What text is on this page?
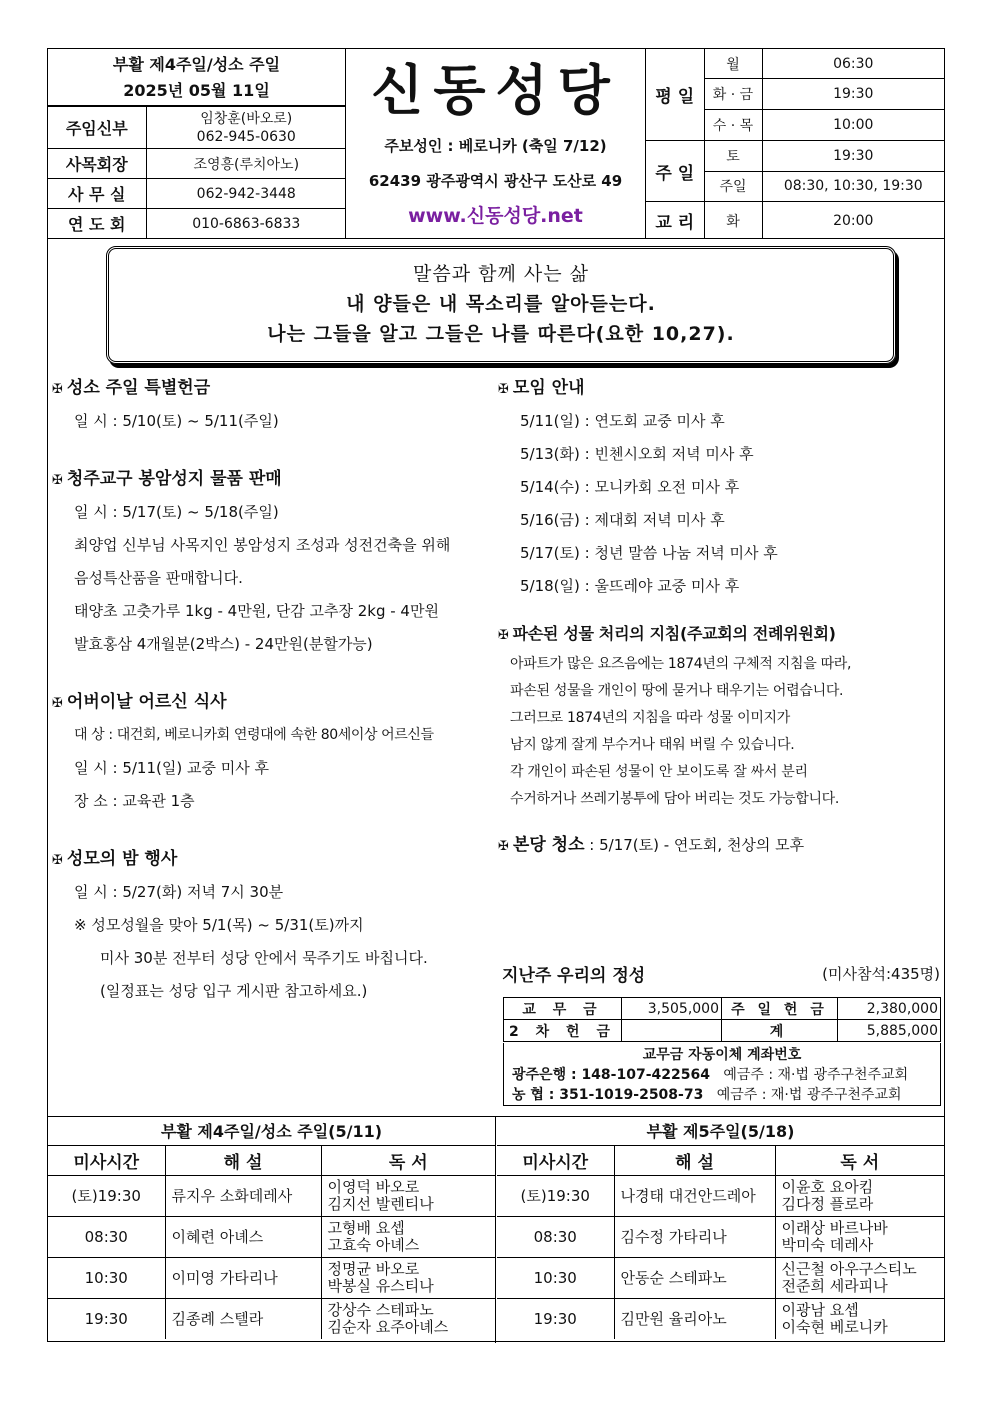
부활 제4주일/성소 주일
2025년 05월 11일
주임신부	임창훈(바오로)
062-945-0630

사목회장	조영흥(루치아노)
사 무 실	062-942-3448
연 도 회	010-6863-6833
신동성당
주보성인 : 베로니카 (축일 7/12)
62439 광주광역시 광산구 도산로 49
www.신동성당.net
평 일	월	06:30
	화 · 금	19:30
	수 · 목	10:00
주 일	토	19:30
	주일	08:30, 10:30, 19:30
교 리	화	20:00
말씀과 함께 사는 삶
내 양들은 내 목소리를 알아듣는다.
나는 그들을 알고 그들은 나를 따른다(요한 10,27).
✠ 성소 주일 특별헌금
일 시 : 5/10(토) ~ 5/11(주일)
✠ 청주교구 봉암성지 물품 판매
일 시 : 5/17(토) ~ 5/18(주일)
최양업 신부님 사목지인 봉암성지 조성과 성전건축을 위해
음성특산품을 판매합니다.
태양초 고춧가루 1kg - 4만원, 단감 고추장 2kg - 4만원
발효홍삼 4개월분(2박스) - 24만원(분할가능)
✠ 어버이날 어르신 식사
대 상 : 대건회, 베로니카회 연령대에 속한 80세이상 어르신들
일 시 : 5/11(일) 교중 미사 후
장 소 : 교육관 1층
✠ 성모의 밤 행사
일 시 : 5/27(화) 저녁 7시 30분
※ 성모성월을 맞아 5/1(목) ~ 5/31(토)까지
미사 30분 전부터 성당 안에서 묵주기도 바칩니다.
(일정표는 성당 입구 게시판 참고하세요.)
✠ 모임 안내
5/11(일) : 연도회 교중 미사 후
5/13(화) : 빈첸시오회 저녁 미사 후
5/14(수) : 모니카회 오전 미사 후
5/16(금) : 제대회 저녁 미사 후
5/17(토) : 청년 말씀 나눔 저녁 미사 후
5/18(일) : 울뜨레야 교중 미사 후
✠ 파손된 성물 처리의 지침(주교회의 전례위원회)
아파트가 많은 요즈음에는 1874년의 구체적 지침을 따라,
파손된 성물을 개인이 땅에 묻거나 태우기는 어렵습니다.
그러므로 1874년의 지침을 따라 성물 이미지가
남지 않게 잘게 부수거나 태워 버릴 수 있습니다.
각 개인이 파손된 성물이 안 보이도록 잘 싸서 분리
수거하거나 쓰레기봉투에 담아 버리는 것도 가능합니다.
✠ 본당 청소 : 5/17(토) - 연도회, 천상의 모후
지난주 우리의 정성	(미사참석:435명)
교 무 금	3,505,000	주 일 헌 금	2,380,000
2 차 헌 금		계	5,885,000
교무금 자동이체 계좌번호
광주은행 : 148-107-422564 예금주 : 재·법 광주구천주교회
농 협 : 351-1019-2508-73 예금주 : 재·법 광주구천주교회
부활 제4주일/성소 주일(5/11)		
미사시간	해 설	독 서
(토)19:30	류지우 소화데레사	이영덕 바오로
김지선 발렌티나

08:30	이혜련 아녜스	고형배 요셉
고효숙 아녜스

10:30	이미영 가타리나	정명균 바오로
박봉실 유스티나

19:30	김종례 스텔라	강상수 스테파노
김순자 요주아녜스
부활 제5주일(5/18)		
미사시간	해 설	독 서
(토)19:30	나경태 대건안드레아	이윤호 요아킴
김다정 플로라

08:30	김수정 가타리나	이래상 바르나바
박미숙 데레사

10:30	안동순 스테파노	신근철 아우구스티노
전준희 세라피나

19:30	김만원 율리아노	이광남 요셉
이숙현 베로니카
